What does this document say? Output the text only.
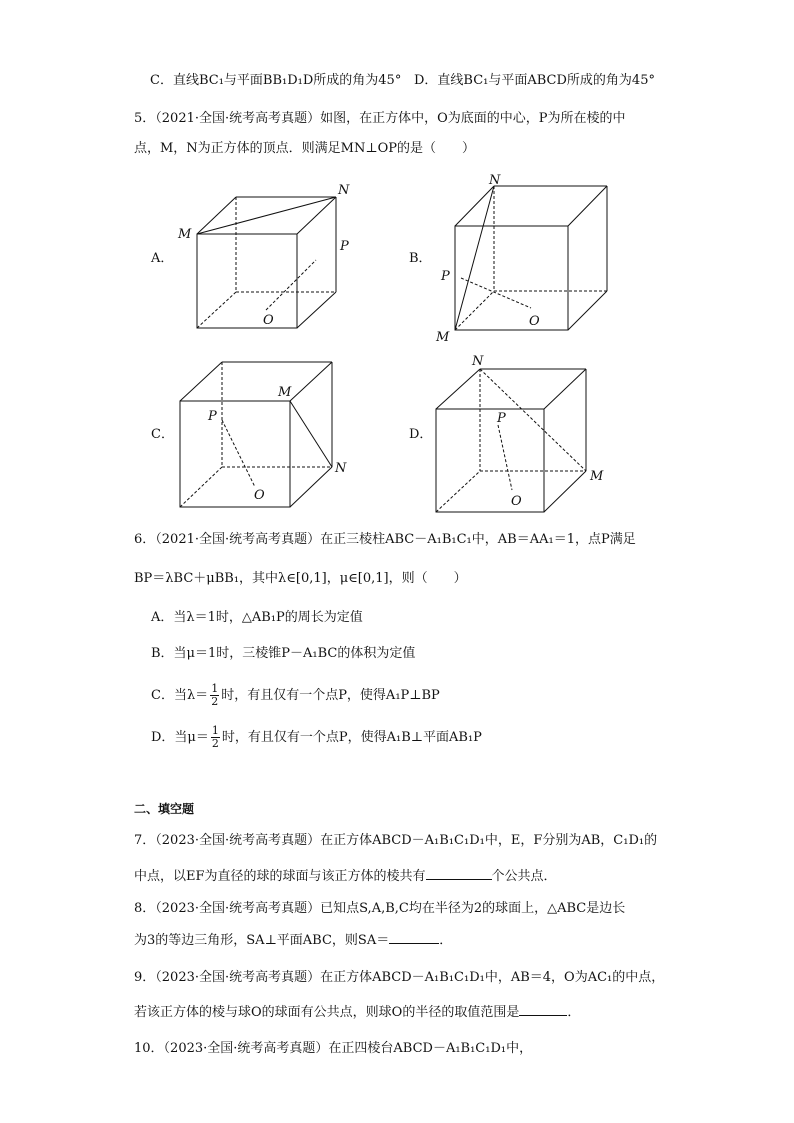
C．直线BC₁与平面BB₁D₁D所成的角为45° D．直线BC₁与平面ABCD所成的角为45°
5．（2021·全国·统考高考真题）如图，在正方体中，O为底面的中心，P为所在棱的中
点，M，N为正方体的顶点．则满足MN⊥OP的是（　　）
A．
M
N
P
O
B．
M
N
P
O
C．
M
N
P
O
D．
M
N
P
O
6．（2021·全国·统考高考真题）在正三棱柱ABC－A₁B₁C₁中，AB＝AA₁＝1，点P满足
BP＝λBC＋μBB₁，其中λ∈[0,1]，μ∈[0,1]，则（　　）
A．当λ＝1时，△AB₁P的周长为定值
B．当μ＝1时，三棱锥P－A₁BC的体积为定值
C．当$\lambda= \frac{1}{2}$ 时，有且仅有一个点P，使得A₁P⊥BP
D．当$\mu= \frac{1}{2}$ 时，有且仅有一个点P，使得A₁B⊥平面AB₁P
二、填空题
7．（2023·全国·统考高考真题）在正方体ABCD－A₁B₁C₁D₁中，E，F分别为AB，C₁D₁的
中点，以EF为直径的球的球面与该正方体的棱共有	个公共点．
8．（2023·全国·统考高考真题）已知点S,A,B,C均在半径为2的球面上，△ABC是边长
为3的等边三角形，SA⊥平面ABC，则SA＝	．
9．（2023·全国·统考高考真题）在正方体ABCD－A₁B₁C₁D₁中，AB＝4，O为AC₁的中点，
若该正方体的棱与球O的球面有公共点，则球O的半径的取值范围是	．
10．（2023·全国·统考高考真题）在正四棱台ABCD－A₁B₁C₁D₁中，
